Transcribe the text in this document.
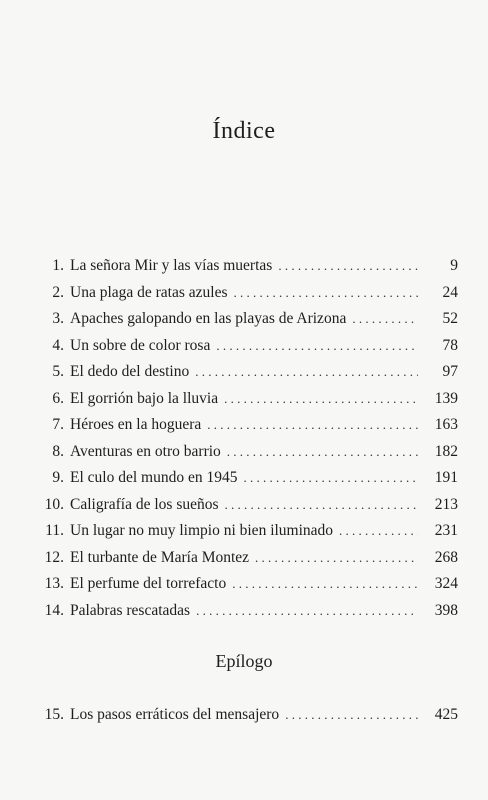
Índice
1. La señora Mir y las vías muertas . . .	9
2. Una plaga de ratas azules . . .	24
3. Apaches galopando en las playas de Arizona . . .	52
4. Un sobre de color rosa . . .	78
5. El dedo del destino . . .	97
6. El gorrión bajo la lluvia . . .	139
7. Héroes en la hoguera . . .	163
8. Aventuras en otro barrio . . .	182
9. El culo del mundo en 1945 . . .	191
10. Caligrafía de los sueños . . .	213
11. Un lugar no muy limpio ni bien iluminado . . .	231
12. El turbante de María Montez . . .	268
13. El perfume del torrefacto . . .	324
14. Palabras rescatadas . . .	398
Epílogo
15. Los pasos erráticos del mensajero . . .	425
